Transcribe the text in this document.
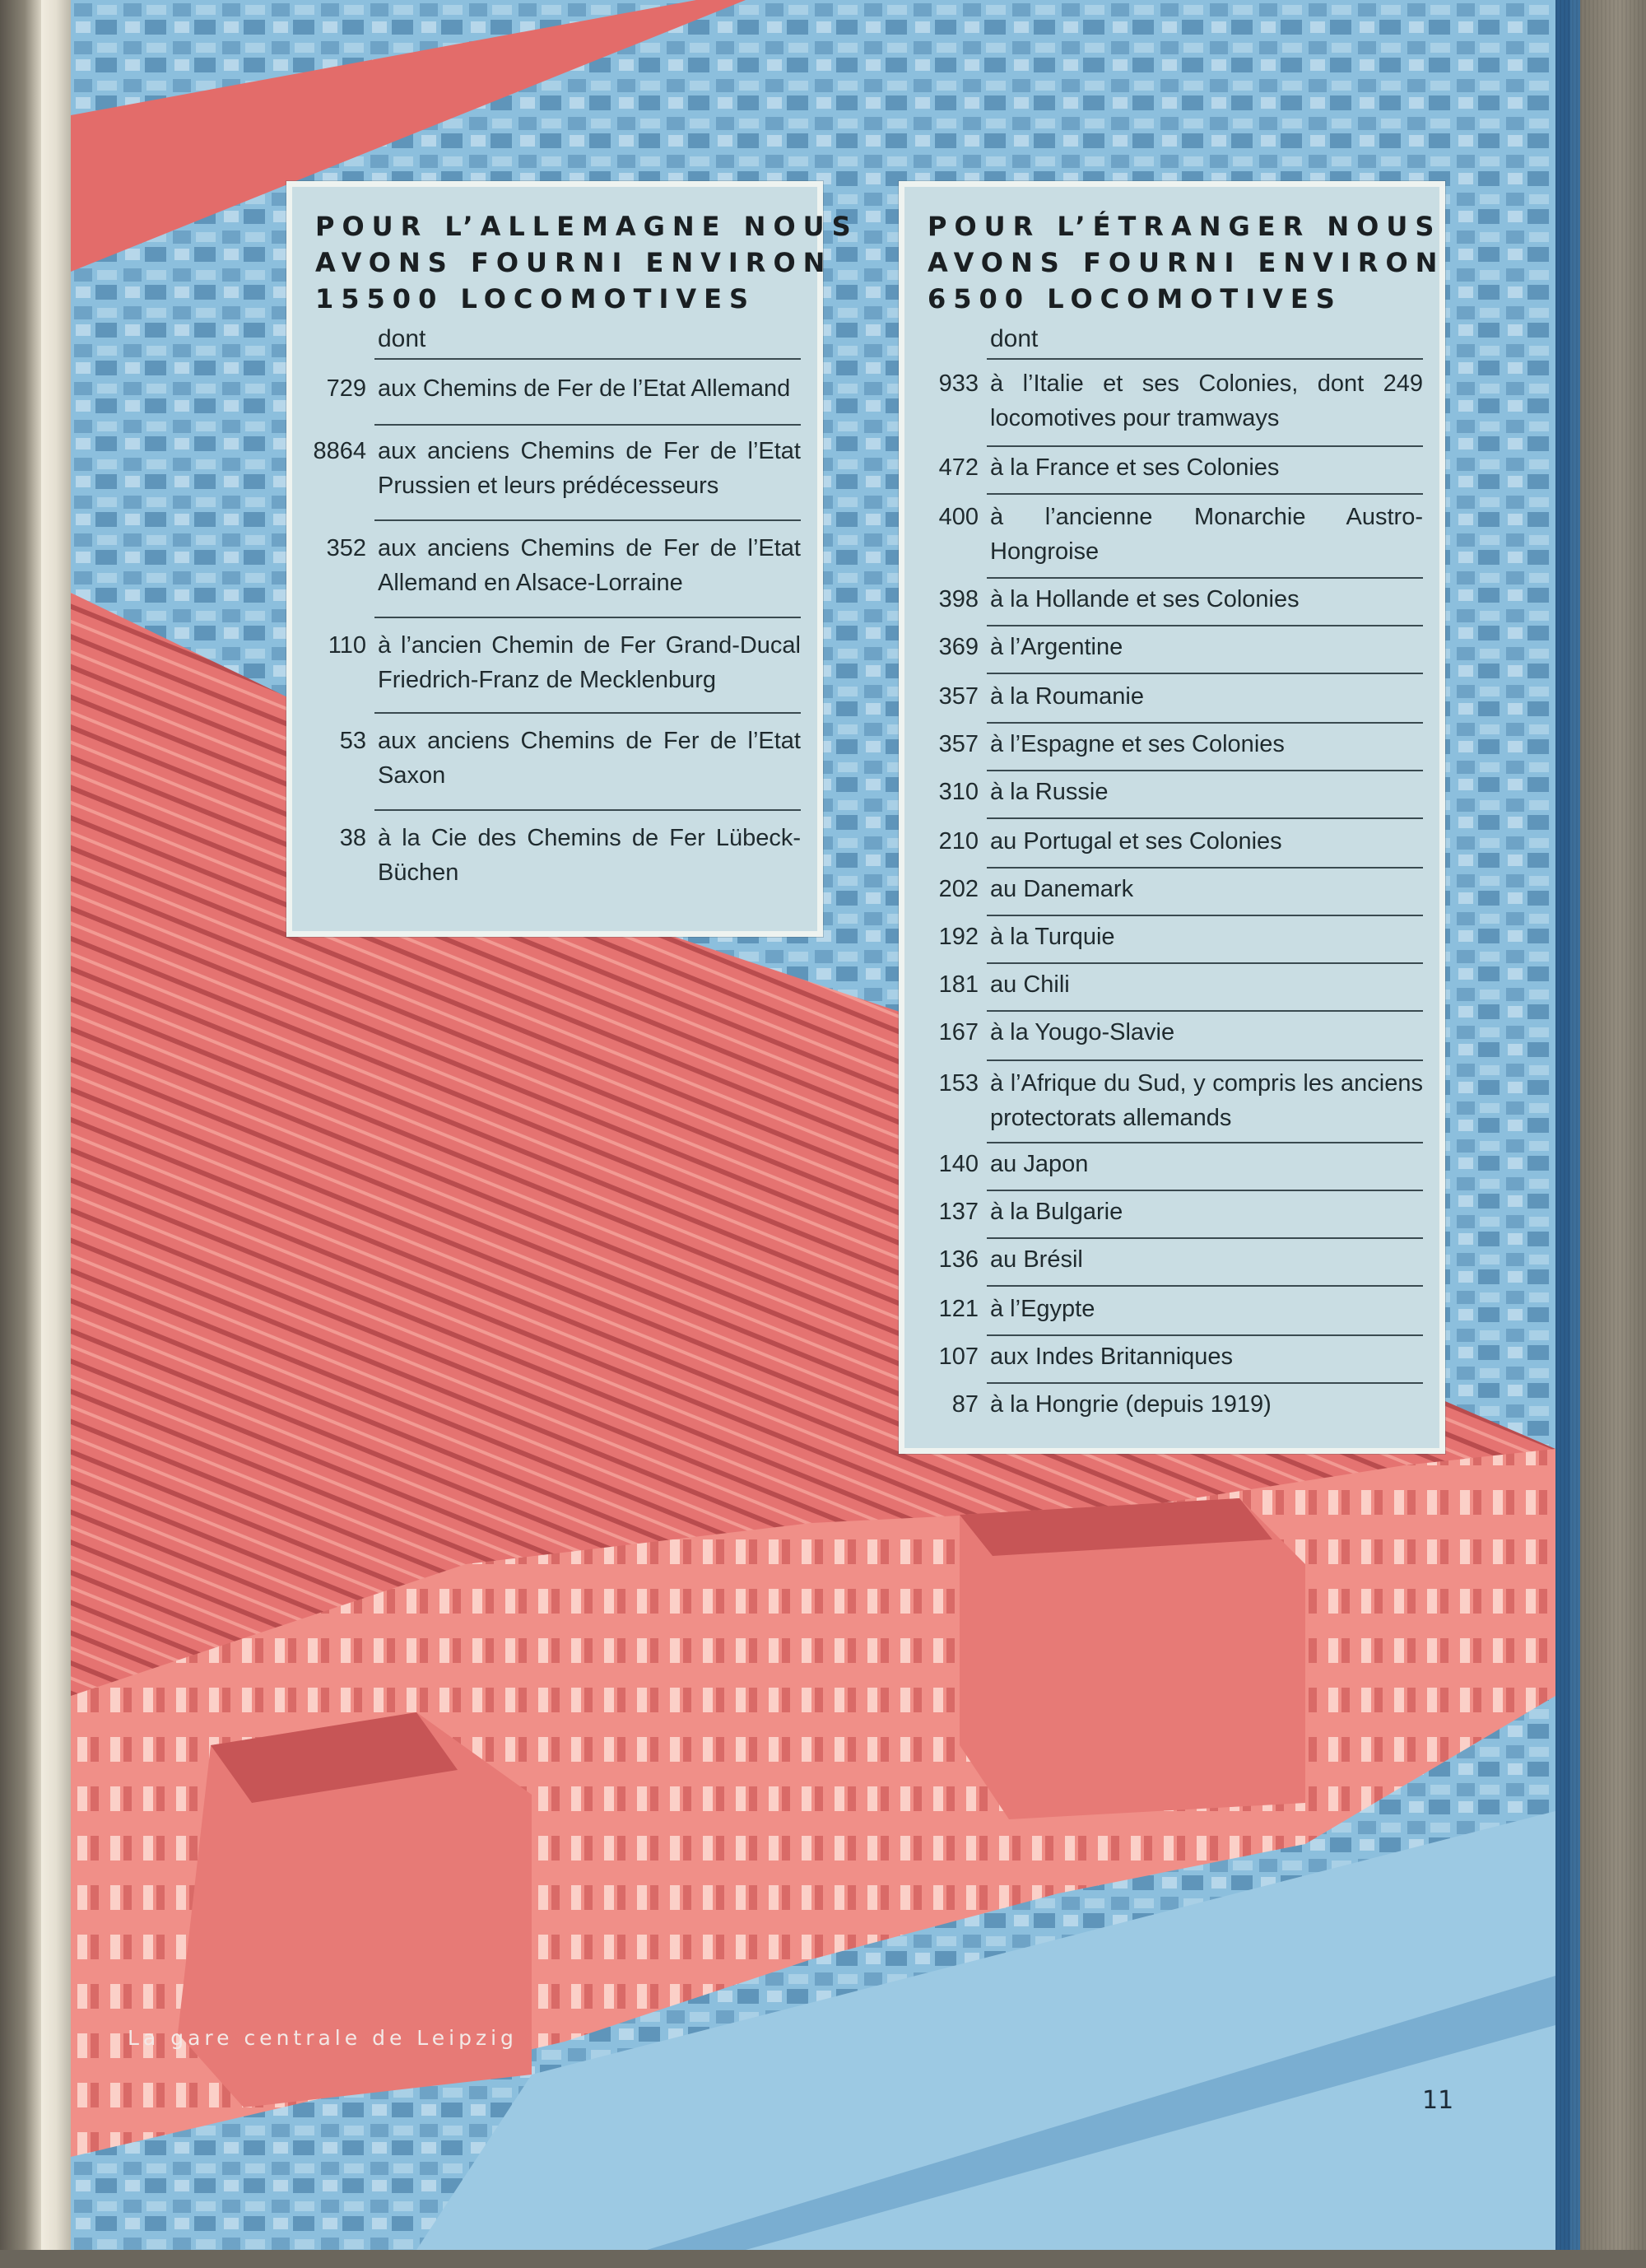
POUR L’ALLEMAGNE NOUS
AVONS FOURNI ENVIRON
15500 LOCOMOTIVES
dont
729 aux Chemins de Fer de l’Etat Allemand
8864 aux anciens Chemins de Fer de l’Etat Prussien et leurs prédécesseurs
352 aux anciens Chemins de Fer de l’Etat Allemand en Alsace-Lorraine
110 à l’ancien Chemin de Fer Grand-Ducal Friedrich-Franz de Mecklenburg
53 aux anciens Chemins de Fer de l’Etat Saxon
38 à la Cie des Chemins de Fer Lübeck-Büchen
POUR L’ÉTRANGER NOUS
AVONS FOURNI ENVIRON
6500 LOCOMOTIVES
dont
933 à l’Italie et ses Colonies, dont 249 locomotives pour tramways
472 à la France et ses Colonies
400 à l’ancienne Monarchie Austro-Hongroise
398 à la Hollande et ses Colonies
369 à l’Argentine
357 à la Roumanie
357 à l’Espagne et ses Colonies
310 à la Russie
210 au Portugal et ses Colonies
202 au Danemark
192 à la Turquie
181 au Chili
167 à la Yougo-Slavie
153 à l’Afrique du Sud, y compris les anciens protectorats allemands
140 au Japon
137 à la Bulgarie
136 au Brésil
121 à l’Egypte
107 aux Indes Britanniques
87 à la Hongrie (depuis 1919)

La gare centrale de Leipzig

11
